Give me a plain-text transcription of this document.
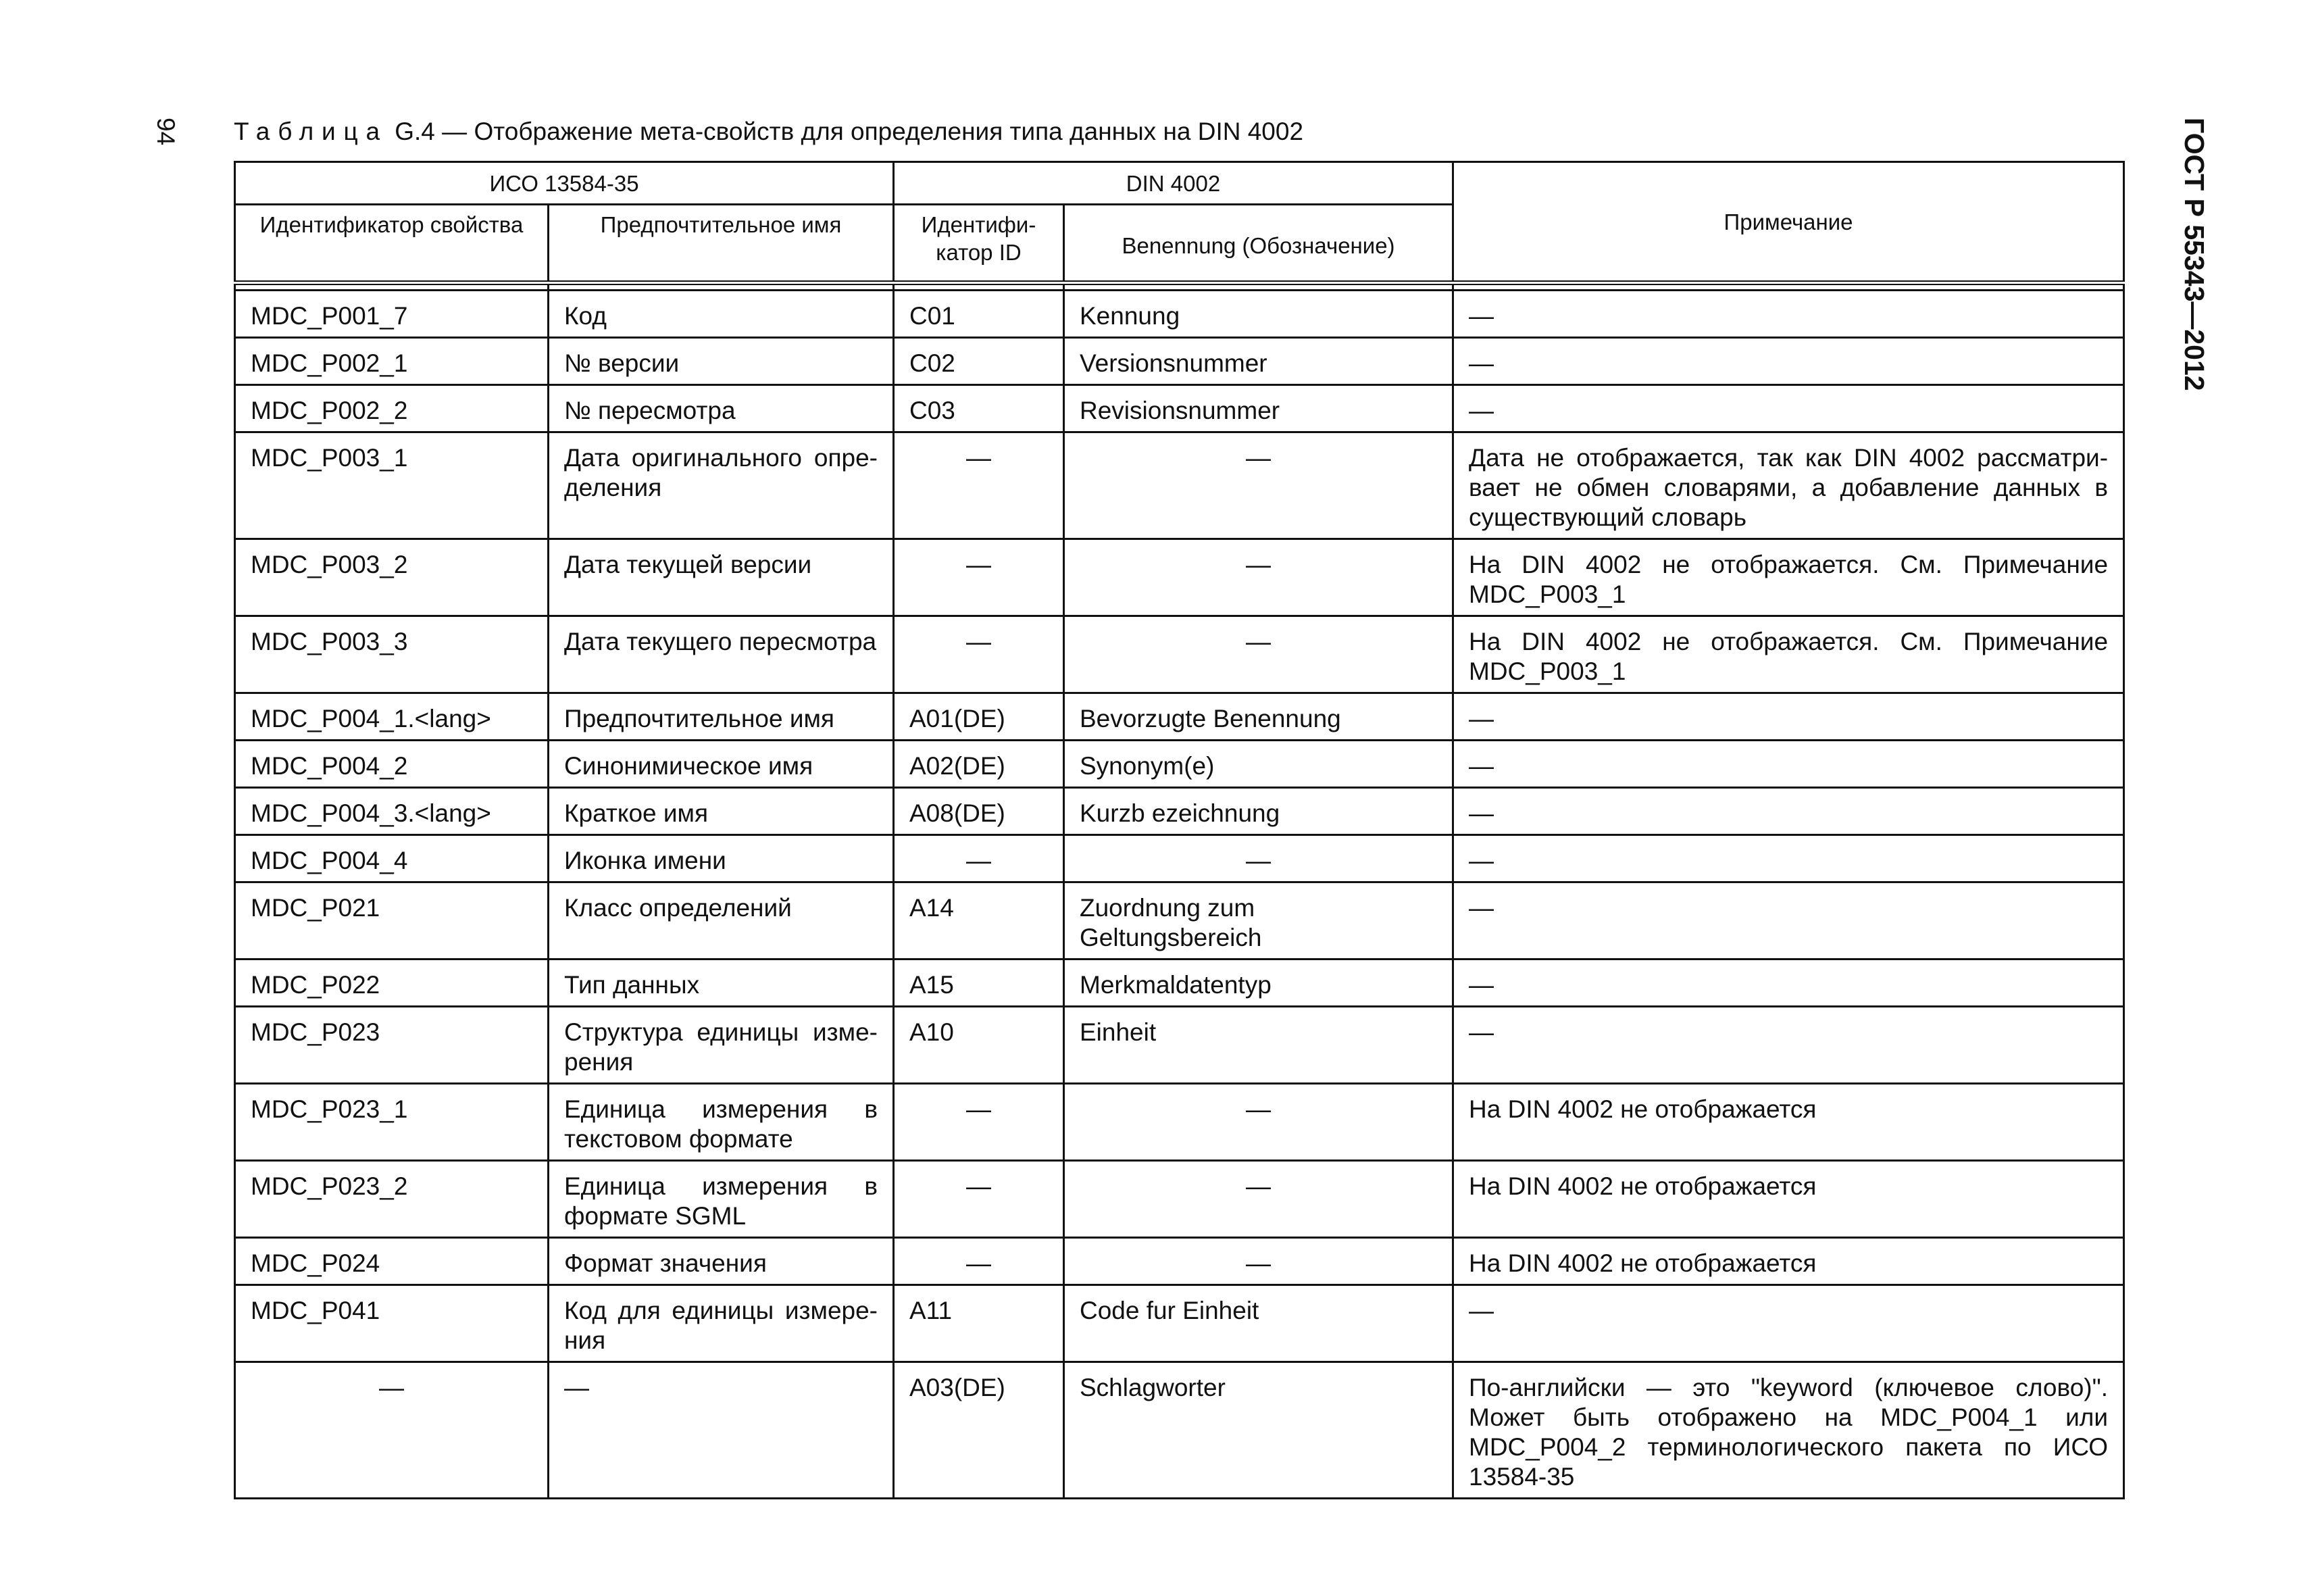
94 Таблица G.4 — Отображение мета-свойств для определения типа данных на DIN 4002	ГОСТ Р 55343—2012
ИСО 13584-35		DIN 4002		Примечание
Идентификатор свойства	Предпочтительное имя	Идентифи-катор ID	Benennung (Обозначение)	

MDC_P001_7	Код	C01	Kennung	—
MDC_P002_1	№ версии	C02	Versionsnummer	—
MDC_P002_2	№ пересмотра	C03	Revisionsnummer	—
MDC_P003_1	Дата оригинального опре-деления	—	—	Дата не отображается, так как DIN 4002 рассматри-вает не обмен словарями, а добавление данных в существующий словарь
MDC_P003_2	Дата текущей версии	—	—	На DIN 4002 не отображается. См. Примечание MDC_P003_1
MDC_P003_3	Дата текущего пересмотра	—	—	На DIN 4002 не отображается. См. Примечание MDC_P003_1
MDC_P004_1.<lang>	Предпочтительное имя	A01(DE)	Bevorzugte Benennung	—
MDC_P004_2	Синонимическое имя	A02(DE)	Synonym(e)	—
MDC_P004_3.<lang>	Краткое имя	A08(DE)	Kurzb ezeichnung	—
MDC_P004_4	Иконка имени	—	—	—
MDC_P021	Класс определений	A14	Zuordnung zum Geltungsbereich	—
MDC_P022	Тип данных	A15	Merkmaldatentyp	—
MDC_P023	Структура единицы изме-рения	A10	Einheit	—
MDC_P023_1	Единица измерения в текстовом формате	—	—	На DIN 4002 не отображается
MDC_P023_2	Единица измерения в формате SGML	—	—	На DIN 4002 не отображается
MDC_P024	Формат значения	—	—	На DIN 4002 не отображается
MDC_P041	Код для единицы измере-ния	A11	Code fur Einheit	—
—	—	A03(DE)	Schlagworter	По-английски — это "keyword (ключевое слово)". Может быть отображено на MDC_P004_1 или MDC_P004_2 терминологического пакета по ИСО 13584-35
